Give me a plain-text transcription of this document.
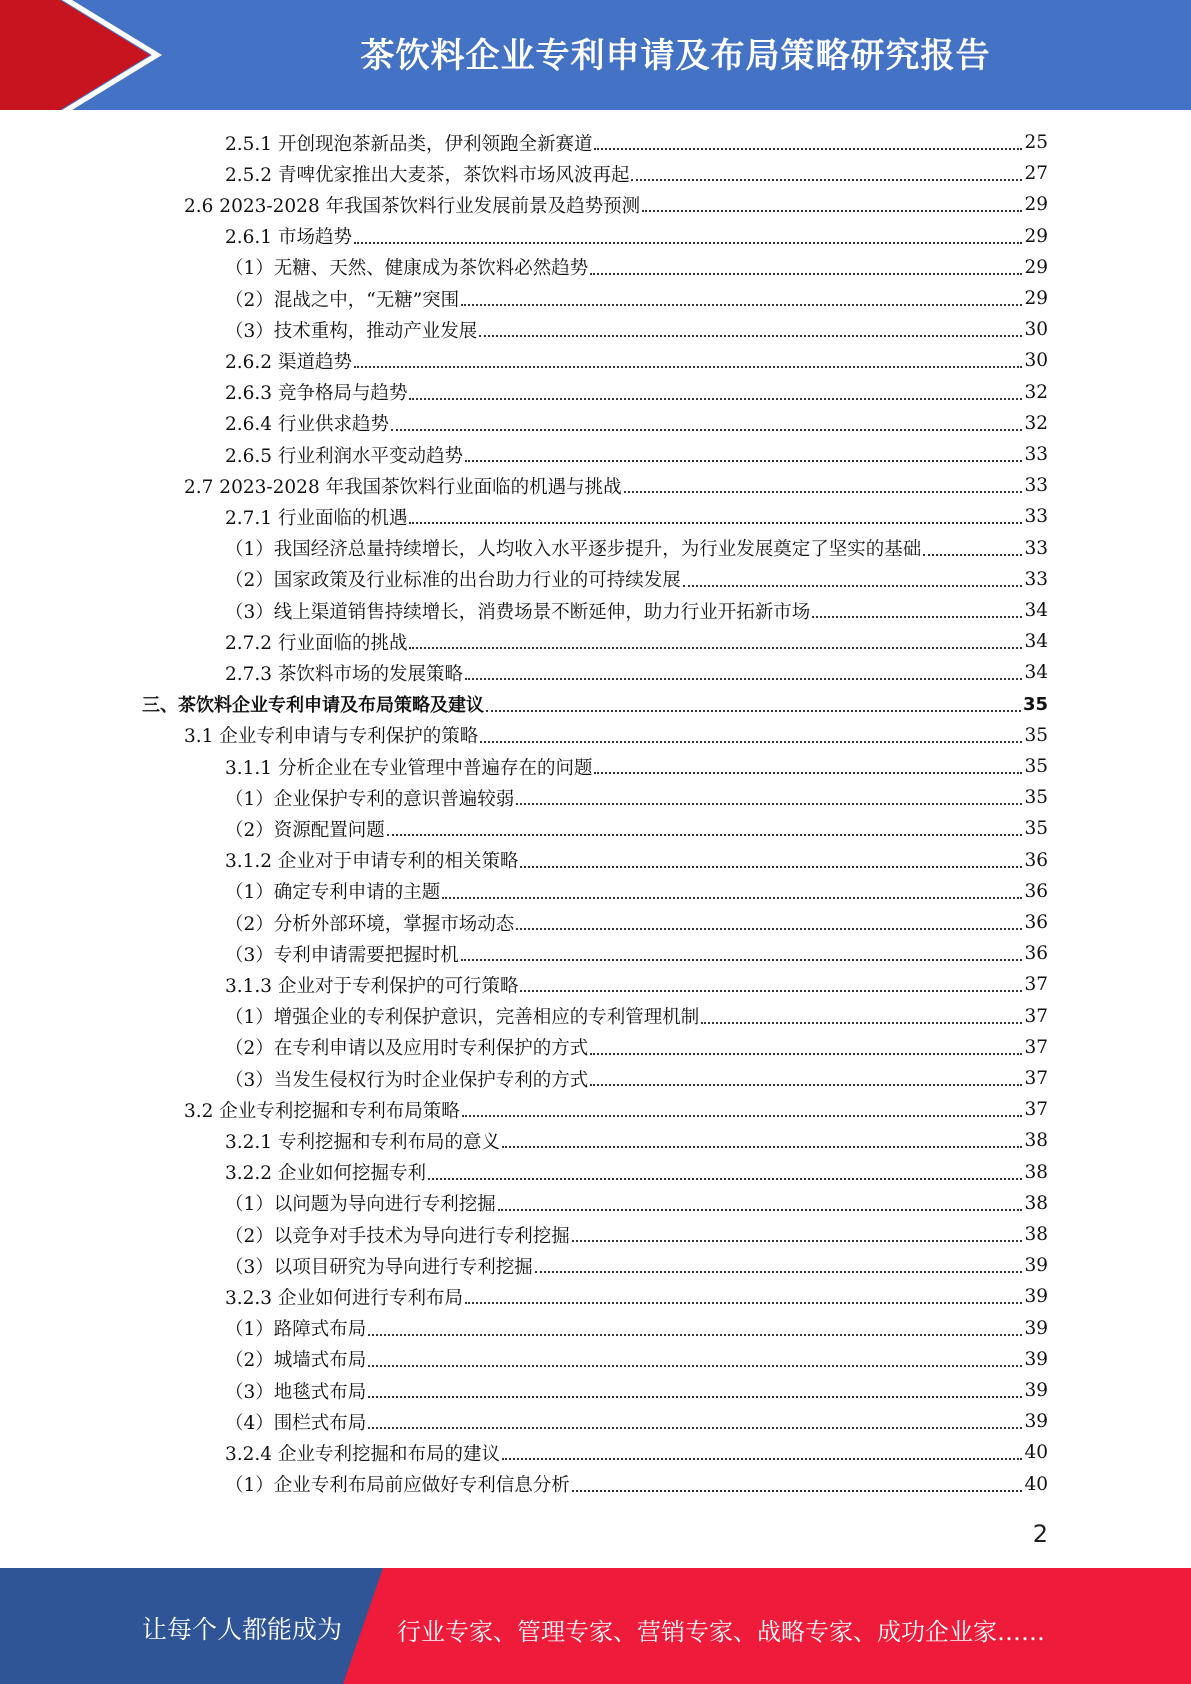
茶饮料企业专利申请及布局策略研究报告
2.5.1 开创现泡茶新品类，伊利领跑全新赛道	25
2.5.2 青啤优家推出大麦茶，茶饮料市场风波再起	27
2.6 2023-2028 年我国茶饮料行业发展前景及趋势预测	29
2.6.1 市场趋势	29
（1）无糖、天然、健康成为茶饮料必然趋势	29
（2）混战之中，“无糖”突围	29
（3）技术重构，推动产业发展	30
2.6.2 渠道趋势	30
2.6.3 竞争格局与趋势	32
2.6.4 行业供求趋势	32
2.6.5 行业利润水平变动趋势	33
2.7 2023-2028 年我国茶饮料行业面临的机遇与挑战	33
2.7.1 行业面临的机遇	33
（1）我国经济总量持续增长，人均收入水平逐步提升，为行业发展奠定了坚实的基础	33
（2）国家政策及行业标准的出台助力行业的可持续发展	33
（3）线上渠道销售持续增长，消费场景不断延伸，助力行业开拓新市场	34
2.7.2 行业面临的挑战	34
2.7.3 茶饮料市场的发展策略	34
三、茶饮料企业专利申请及布局策略及建议	35
3.1 企业专利申请与专利保护的策略	35
3.1.1 分析企业在专业管理中普遍存在的问题	35
（1）企业保护专利的意识普遍较弱	35
（2）资源配置问题	35
3.1.2 企业对于申请专利的相关策略	36
（1）确定专利申请的主题	36
（2）分析外部环境，掌握市场动态	36
（3）专利申请需要把握时机	36
3.1.3 企业对于专利保护的可行策略	37
（1）增强企业的专利保护意识，完善相应的专利管理机制	37
（2）在专利申请以及应用时专利保护的方式	37
（3）当发生侵权行为时企业保护专利的方式	37
3.2 企业专利挖掘和专利布局策略	37
3.2.1 专利挖掘和专利布局的意义	38
3.2.2 企业如何挖掘专利	38
（1）以问题为导向进行专利挖掘	38
（2）以竞争对手技术为导向进行专利挖掘	38
（3）以项目研究为导向进行专利挖掘	39
3.2.3 企业如何进行专利布局	39
（1）路障式布局	39
（2）城墙式布局	39
（3）地毯式布局	39
（4）围栏式布局	39
3.2.4 企业专利挖掘和布局的建议	40
（1）企业专利布局前应做好专利信息分析	40
2
让每个人都能成为 行业专家、管理专家、营销专家、战略专家、成功企业家……
